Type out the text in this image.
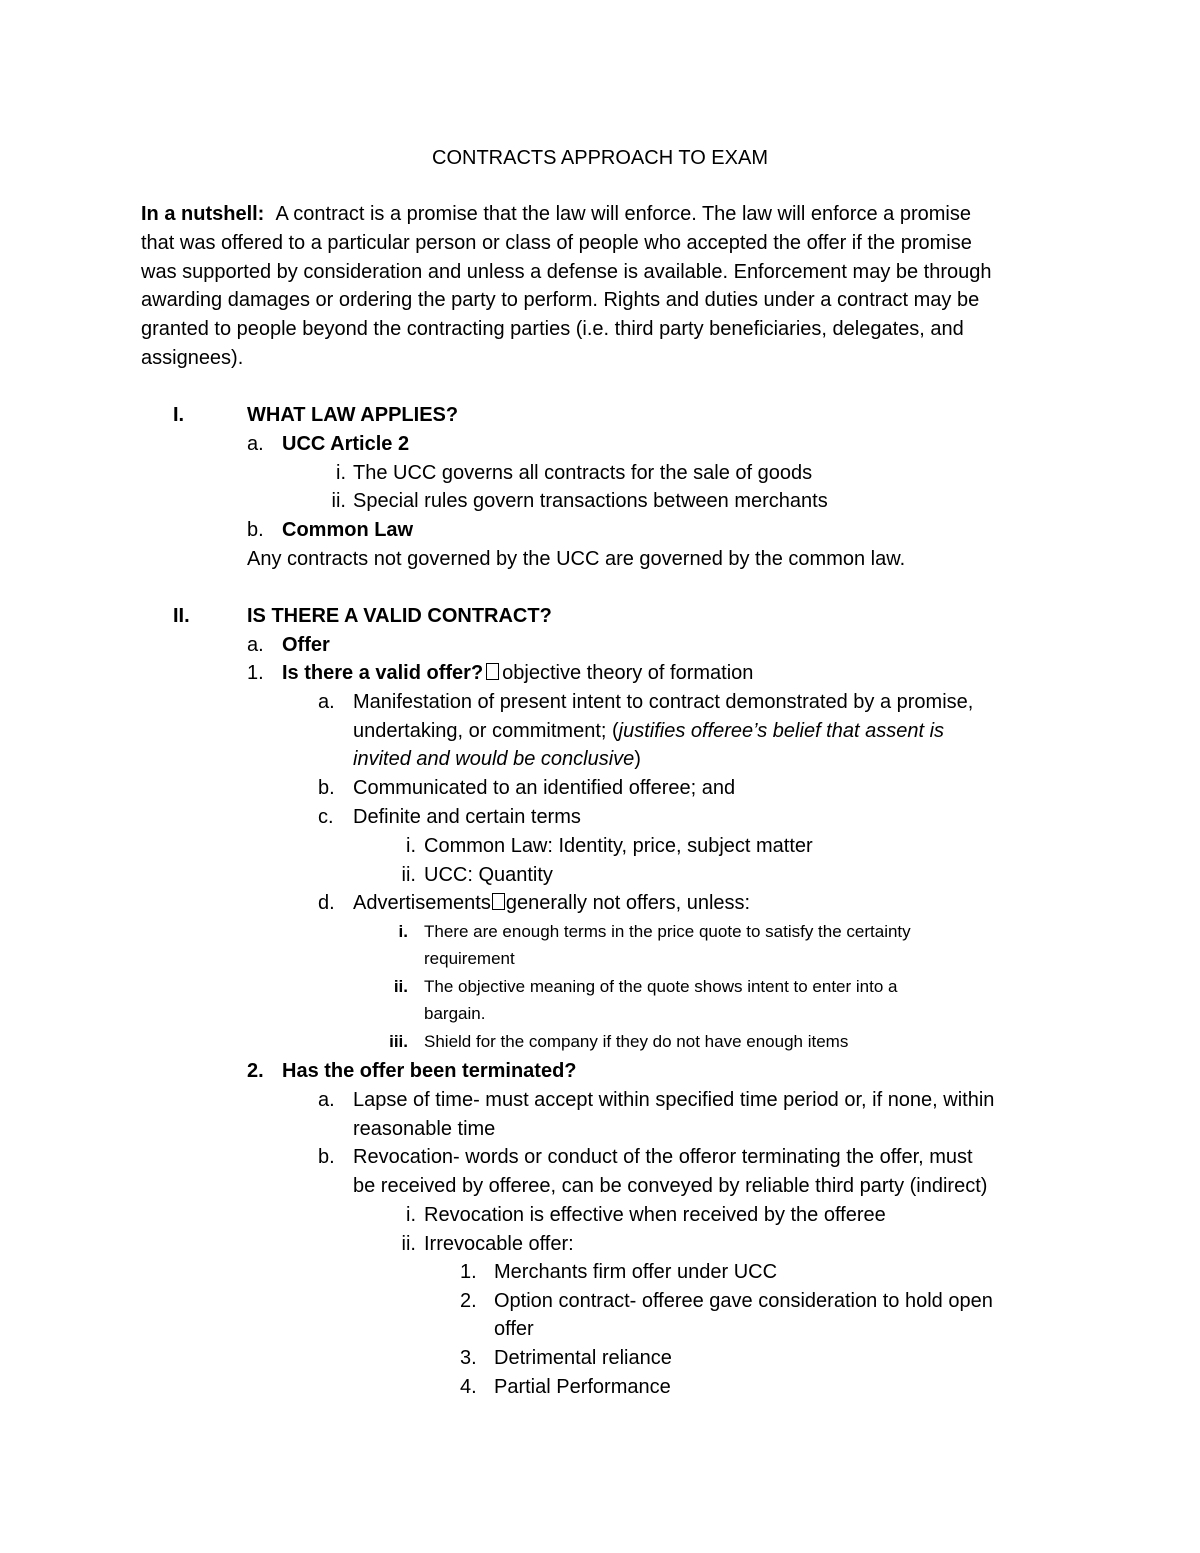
CONTRACTS APPROACH TO EXAM
In a nutshell: A contract is a promise that the law will enforce. The law will enforce a promise
that was offered to a particular person or class of people who accepted the offer if the promise
was supported by consideration and unless a defense is available. Enforcement may be through
awarding damages or ordering the party to perform. Rights and duties under a contract may be
granted to people beyond the contracting parties (i.e. third party beneficiaries, delegates, and
assignees).
I.	WHAT LAW APPLIES?
a. UCC Article 2
i. The UCC governs all contracts for the sale of goods
ii. Special rules govern transactions between merchants
b. Common Law
Any contracts not governed by the UCC are governed by the common law.
II.	IS THERE A VALID CONTRACT?
a. Offer
1. Is there a valid offer? objective theory of formation
a. Manifestation of present intent to contract demonstrated by a promise,
undertaking, or commitment; (justifies offeree’s belief that assent is
invited and would be conclusive)
b. Communicated to an identified offeree; and
c. Definite and certain terms
i. Common Law: Identity, price, subject matter
ii. UCC: Quantity
d. Advertisements generally not offers, unless:
i. There are enough terms in the price quote to satisfy the certainty
requirement
ii. The objective meaning of the quote shows intent to enter into a
bargain.
iii. Shield for the company if they do not have enough items
2. Has the offer been terminated?
a. Lapse of time- must accept within specified time period or, if none, within
reasonable time
b. Revocation- words or conduct of the offeror terminating the offer, must
be received by offeree, can be conveyed by reliable third party (indirect)
i. Revocation is effective when received by the offeree
ii. Irrevocable offer:
1. Merchants firm offer under UCC
2. Option contract- offeree gave consideration to hold open
offer
3. Detrimental reliance
4. Partial Performance
